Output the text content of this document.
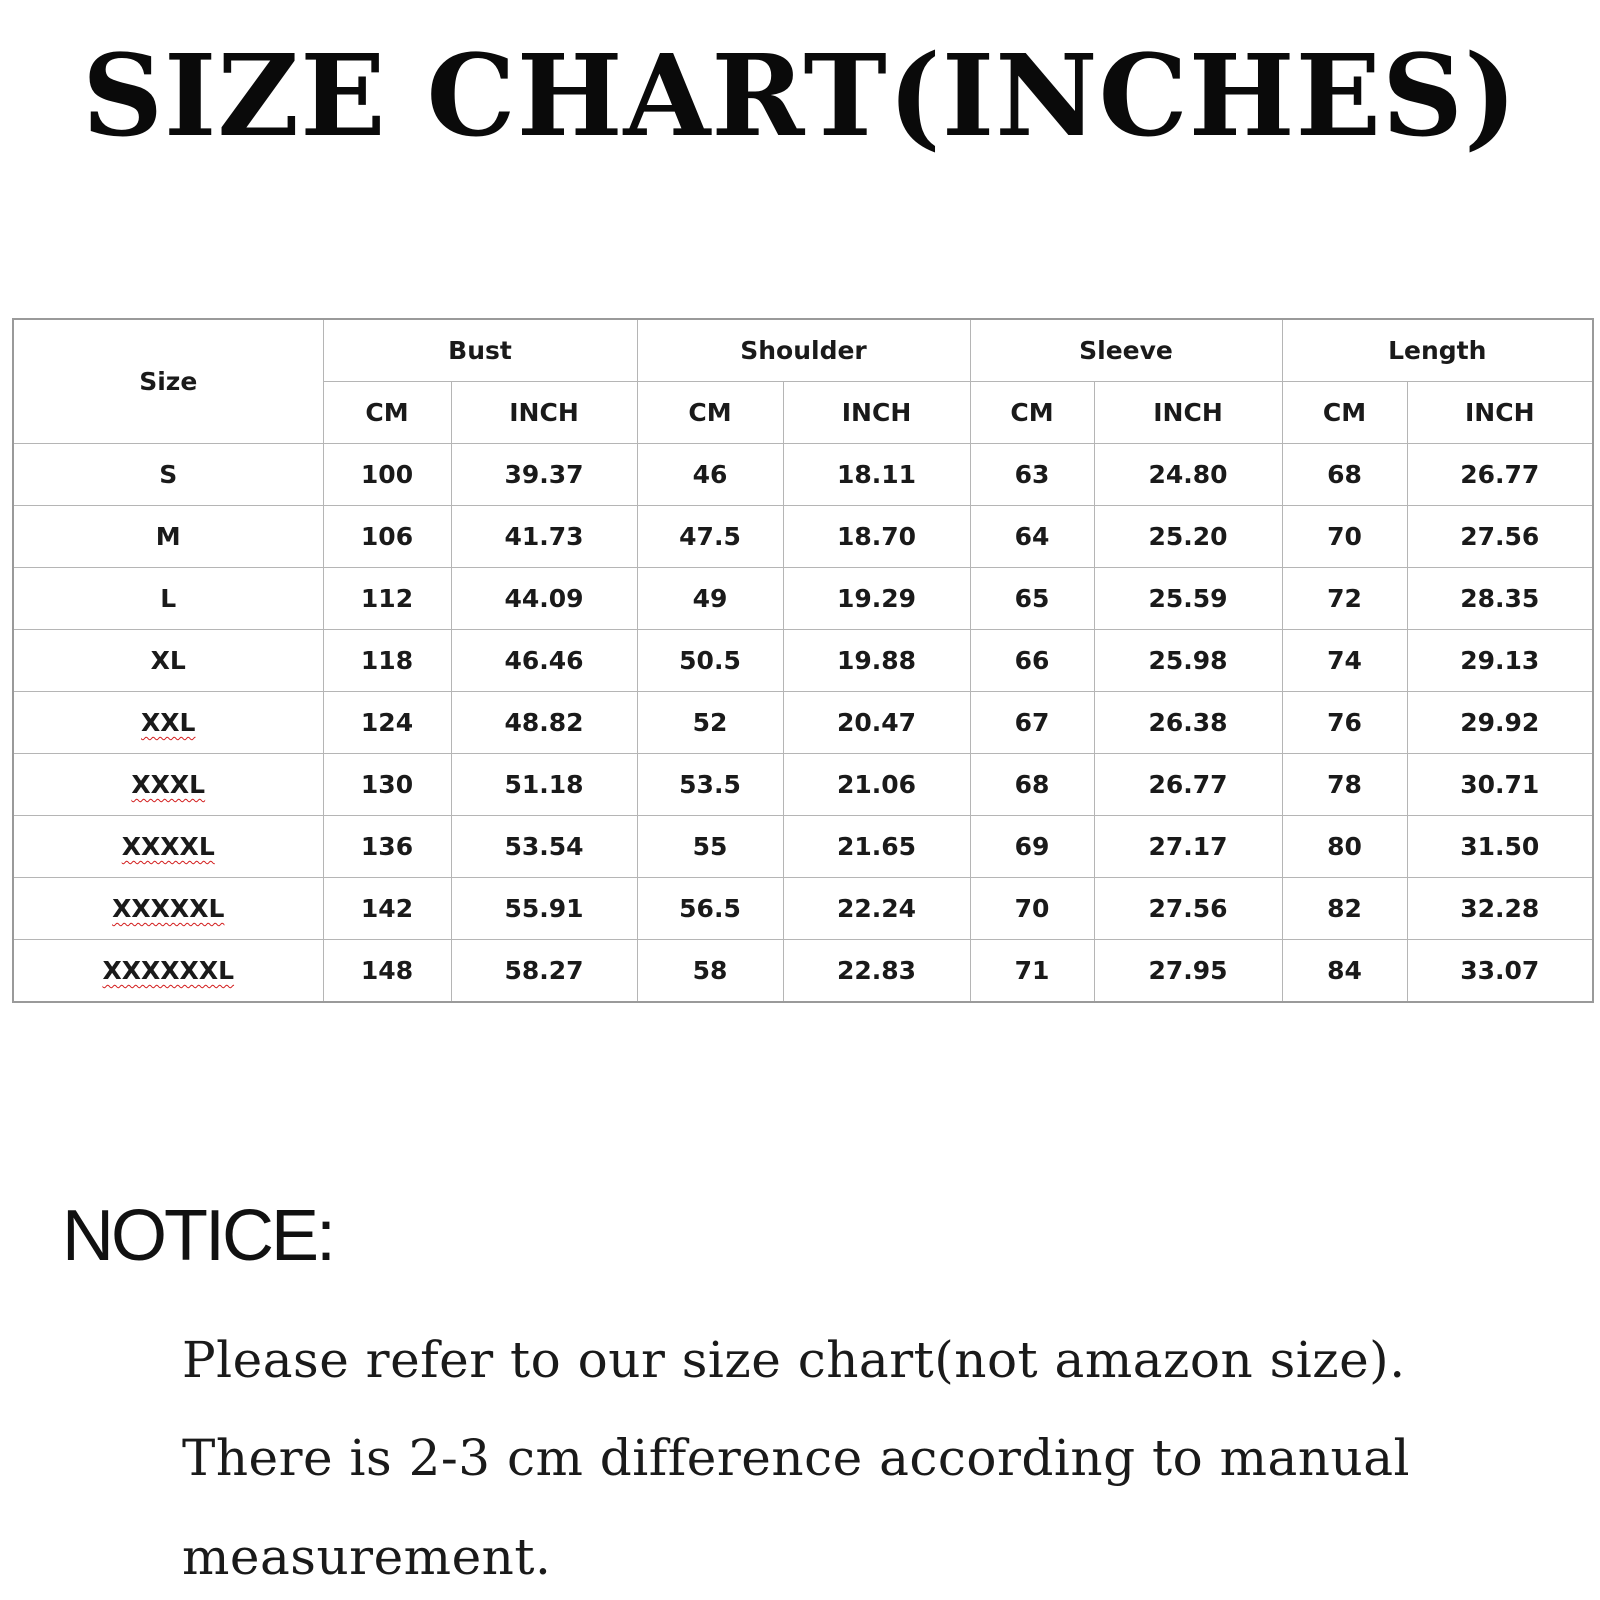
SIZE CHART(INCHES)
Size	Bust		Shoulder		Sleeve		Length	
	CM	INCH	CM	INCH	CM	INCH	CM	INCH
S	100	39.37	46	18.11	63	24.80	68	26.77
M	106	41.73	47.5	18.70	64	25.20	70	27.56
L	112	44.09	49	19.29	65	25.59	72	28.35
XL	118	46.46	50.5	19.88	66	25.98	74	29.13
XXL	124	48.82	52	20.47	67	26.38	76	29.92
XXXL	130	51.18	53.5	21.06	68	26.77	78	30.71
XXXXL	136	53.54	55	21.65	69	27.17	80	31.50
XXXXXL	142	55.91	56.5	22.24	70	27.56	82	32.28
XXXXXXL	148	58.27	58	22.83	71	27.95	84	33.07
NOTICE:
Please refer to our size chart(not amazon size).
There is 2-3 cm difference according to manual
measurement.
